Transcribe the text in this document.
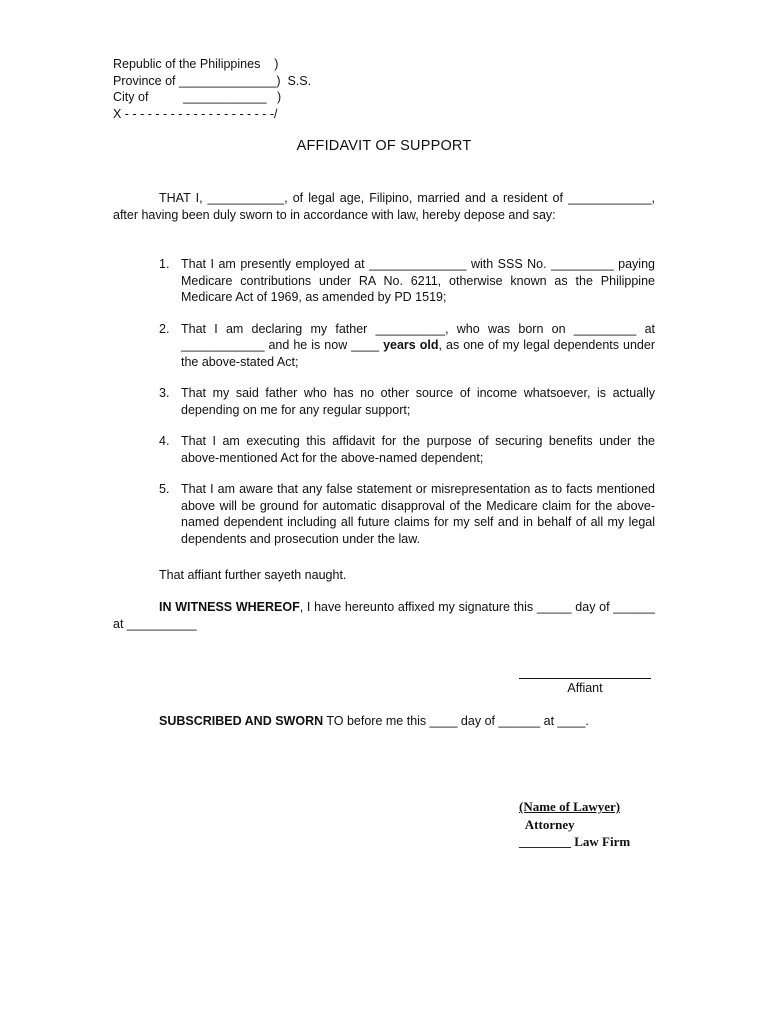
Republic of the Philippines    )
Province of ______________)  S.S.
City of          ____________   )
X - - - - - - - - - - - - - - - - - - - -/
AFFIDAVIT OF SUPPORT
THAT I, ___________, of legal age, Filipino, married and a resident of ____________, after having been duly sworn to in accordance with law, hereby depose and say:
1. That I am presently employed at ______________ with SSS No. _________ paying Medicare contributions under RA No. 6211, otherwise known as the Philippine Medicare Act of 1969, as amended by PD 1519;
2. That I am declaring my father __________, who was born on _________ at ____________ and he is now ____ years old, as one of my legal dependents under the above-stated Act;
3. That my said father who has no other source of income whatsoever, is actually depending on me for any regular support;
4. That I am executing this affidavit for the purpose of securing benefits under the above-mentioned Act for the above-named dependent;
5. That I am aware that any false statement or misrepresentation as to facts mentioned above will be ground for automatic disapproval of the Medicare claim for the above-named dependent including all future claims for my self and in behalf of all my legal dependents and prosecution under the law.
That affiant further sayeth naught.
IN WITNESS WHEREOF, I have hereunto affixed my signature this _____ day of ______ at __________
Affiant
SUBSCRIBED AND SWORN TO before me this ____ day of ______ at ____.
(Name of Lawyer)
Attorney
________ Law Firm
